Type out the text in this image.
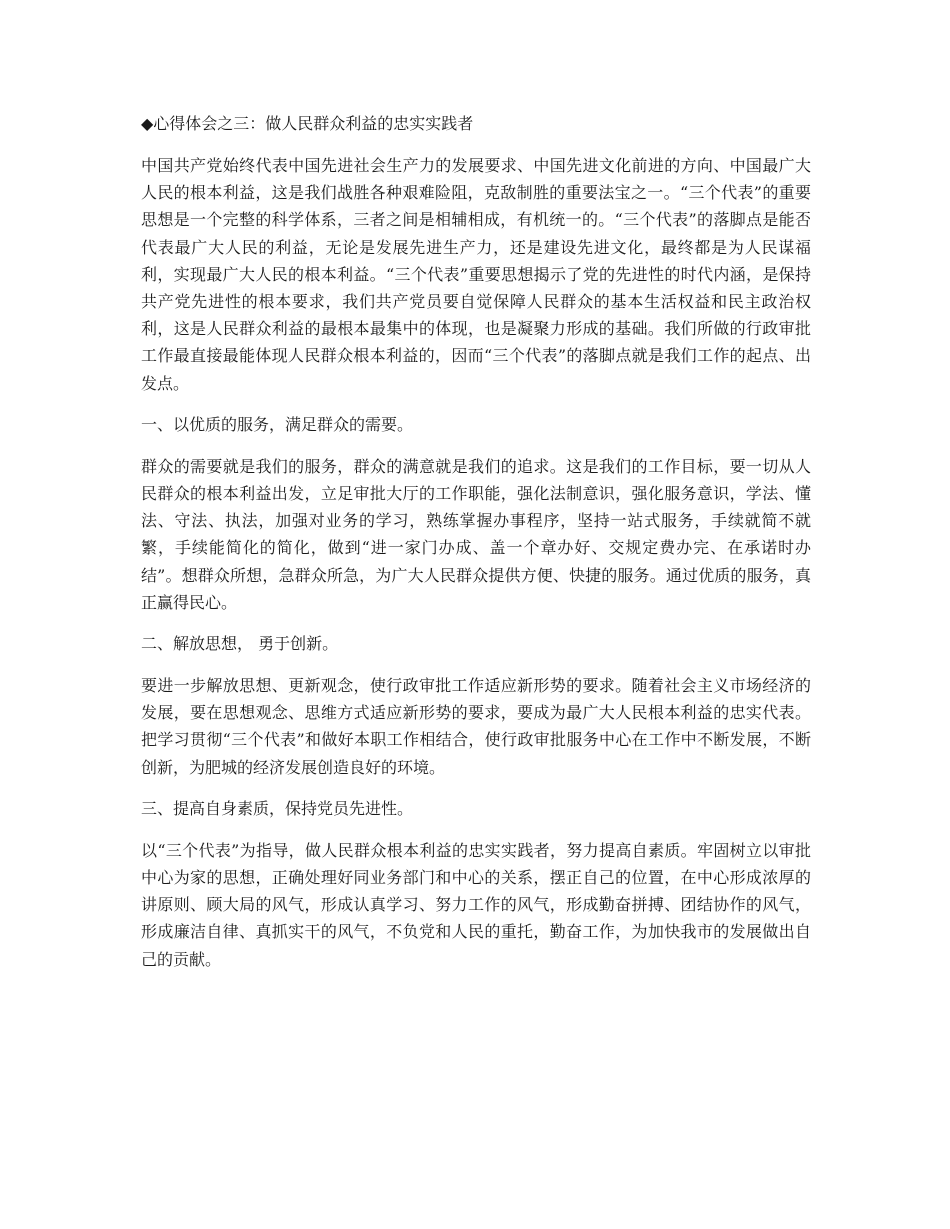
◆心得体会之三：做人民群众利益的忠实实践者

中国共产党始终代表中国先进社会生产力的发展要求、中国先进文化前进的方向、中国最广大人民的根本利益，这是我们战胜各种艰难险阻，克敌制胜的重要法宝之一。“三个代表”的重要思想是一个完整的科学体系，三者之间是相辅相成，有机统一的。“三个代表”的落脚点是能否代表最广大人民的利益，无论是发展先进生产力，还是建设先进文化，最终都是为人民谋福利，实现最广大人民的根本利益。“三个代表”重要思想揭示了党的先进性的时代内涵，是保持共产党先进性的根本要求，我们共产党员要自觉保障人民群众的基本生活权益和民主政治权利，这是人民群众利益的最根本最集中的体现，也是凝聚力形成的基础。我们所做的行政审批工作最直接最能体现人民群众根本利益的，因而“三个代表”的落脚点就是我们工作的起点、出发点。

一、以优质的服务，满足群众的需要。

群众的需要就是我们的服务，群众的满意就是我们的追求。这是我们的工作目标，要一切从人民群众的根本利益出发，立足审批大厅的工作职能，强化法制意识，强化服务意识，学法、懂法、守法、执法，加强对业务的学习，熟练掌握办事程序，坚持一站式服务，手续就简不就繁，手续能简化的简化，做到“进一家门办成、盖一个章办好、交规定费办完、在承诺时办结”。想群众所想，急群众所急，为广大人民群众提供方便、快捷的服务。通过优质的服务，真正赢得民心。

二、解放思想， 勇于创新。

要进一步解放思想、更新观念，使行政审批工作适应新形势的要求。随着社会主义市场经济的发展，要在思想观念、思维方式适应新形势的要求，要成为最广大人民根本利益的忠实代表。把学习贯彻“三个代表”和做好本职工作相结合，使行政审批服务中心在工作中不断发展，不断创新，为肥城的经济发展创造良好的环境。

三、提高自身素质，保持党员先进性。

以“三个代表”为指导，做人民群众根本利益的忠实实践者，努力提高自素质。牢固树立以审批中心为家的思想，正确处理好同业务部门和中心的关系，摆正自己的位置，在中心形成浓厚的讲原则、顾大局的风气，形成认真学习、努力工作的风气，形成勤奋拼搏、团结协作的风气，形成廉洁自律、真抓实干的风气，不负党和人民的重托，勤奋工作，为加快我市的发展做出自己的贡献。
